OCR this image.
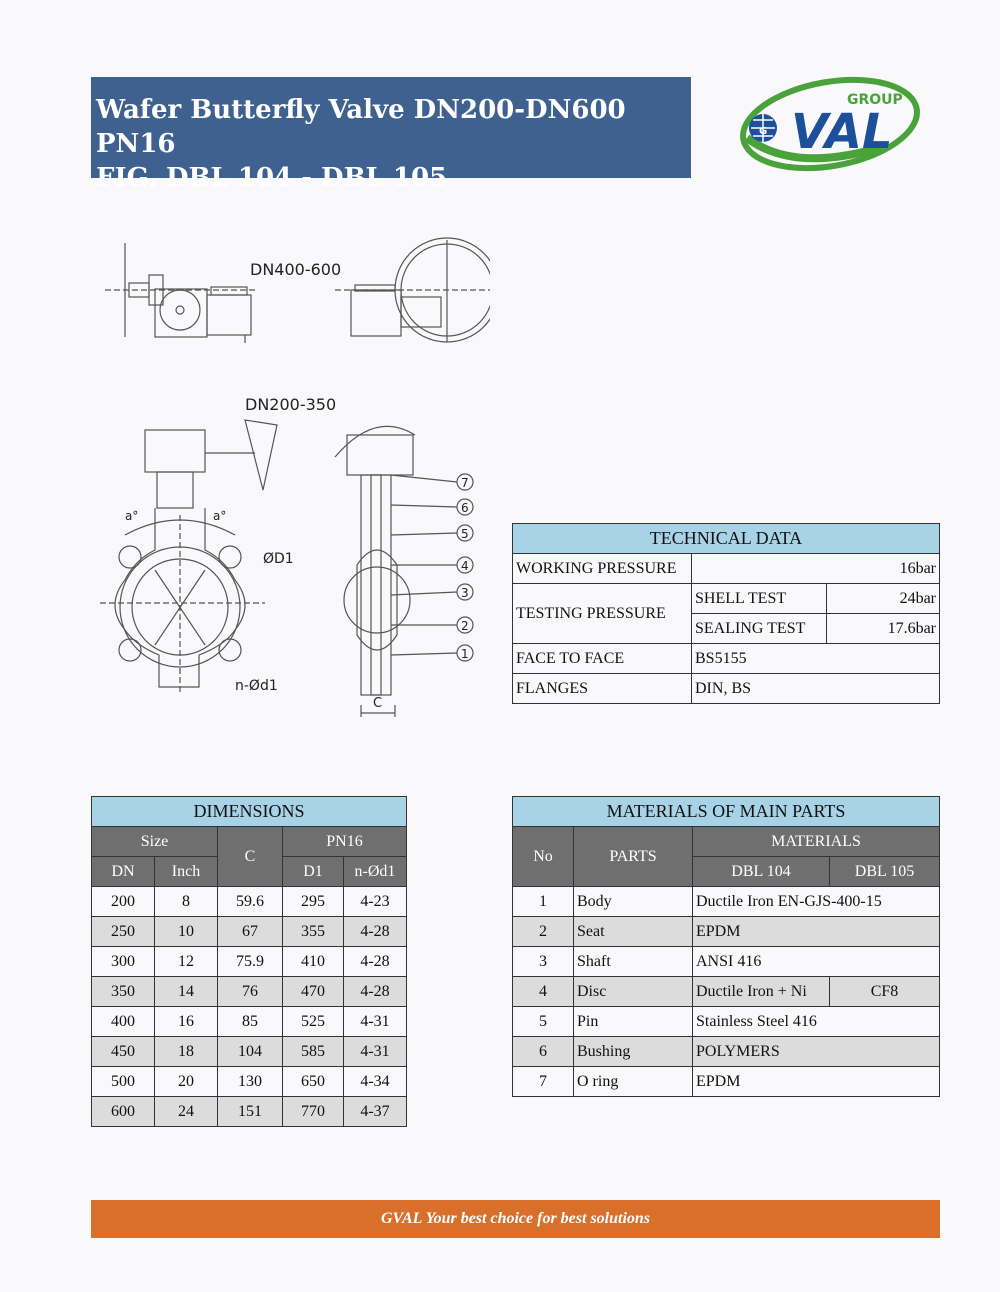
Wafer Butterfly Valve DN200-DN600 PN16
FIG. DBL 104 - DBL 105
G
GROUP
VAL
DN400-600
DN200-350
a°	a°
ØD1
n-Ød1
C
7
6
5
4
3
2
1
TECHNICAL DATA		
WORKING PRESSURE	16bar	
TESTING PRESSURE	SHELL TEST	24bar
	SEALING TEST	17.6bar
FACE TO FACE	BS5155	
FLANGES	DIN, BS	
DIMENSIONS				
Size		C	PN16	
DN	Inch		D1	n-Ød1
200	8	59.6	295	4-23
250	10	67	355	4-28
300	12	75.9	410	4-28
350	14	76	470	4-28
400	16	85	525	4-31
450	18	104	585	4-31
500	20	130	650	4-34
600	24	151	770	4-37
MATERIALS OF MAIN PARTS			
No	PARTS	MATERIALS	
		DBL 104	DBL 105
1	Body	Ductile Iron EN-GJS-400-15	
2	Seat	EPDM	
3	Shaft	ANSI 416	
4	Disc	Ductile Iron + Ni	CF8
5	Pin	Stainless Steel 416	
6	Bushing	POLYMERS	
7	O ring	EPDM	
GVAL Your best choice for best solutions
